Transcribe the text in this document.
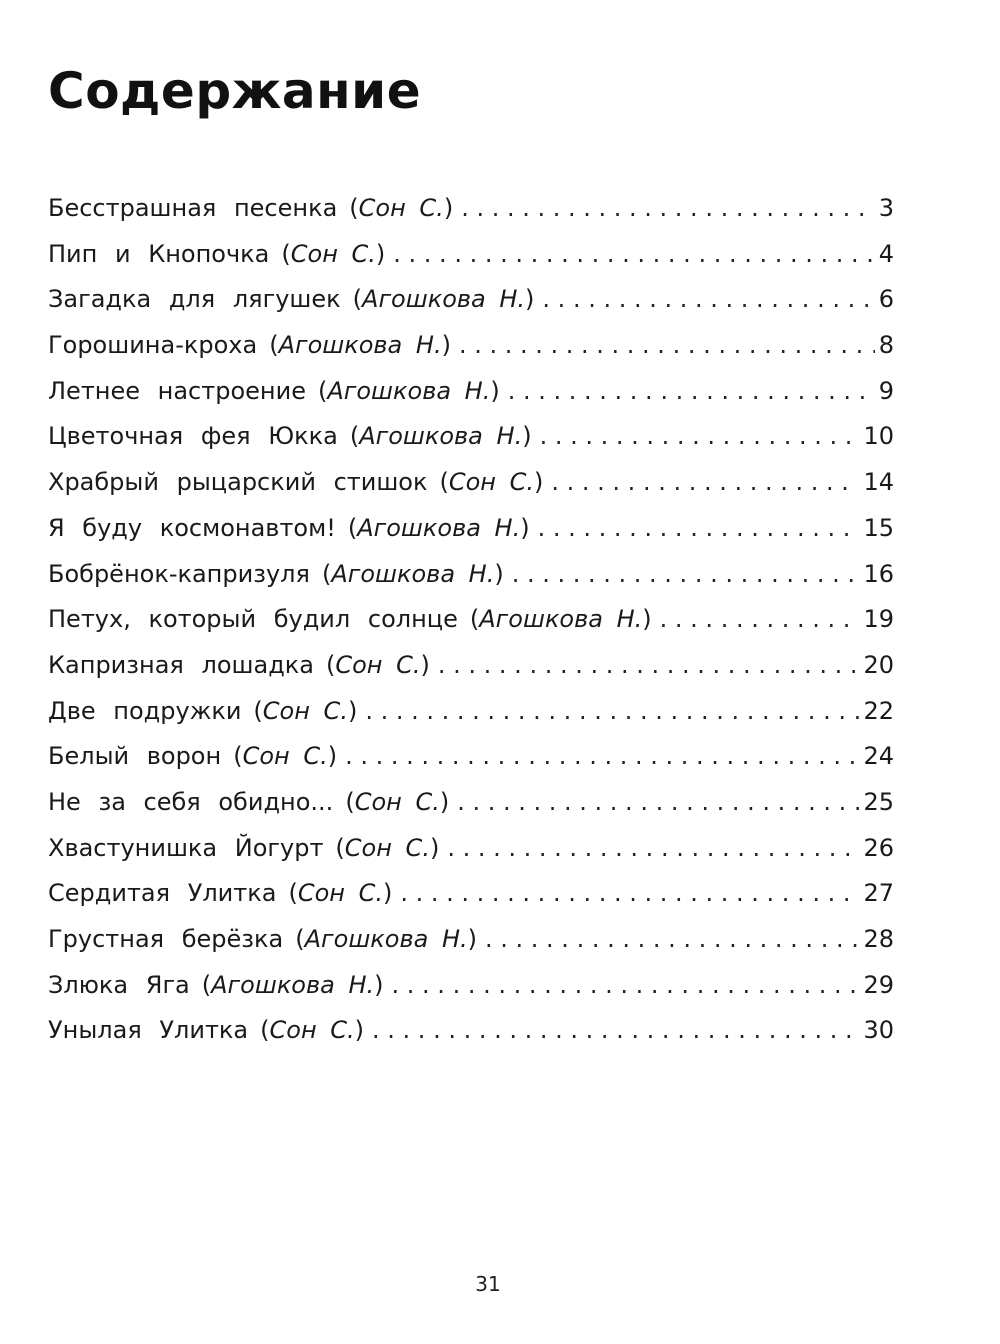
Содержание
Бесстрашная песенка (Сон С.) . . .	3
Пип и Кнопочка (Сон С.) . . .	4
Загадка для лягушек (Агошкова Н.) . . .	6
Горошина-кроха (Агошкова Н.) . . .	8
Летнее настроение (Агошкова Н.) . . .	9
Цветочная фея Юкка (Агошкова Н.) . . .	10
Храбрый рыцарский стишок (Сон С.) . . .	14
Я буду космонавтом! (Агошкова Н.) . . .	15
Бобрёнок-капризуля (Агошкова Н.) . . .	16
Петух, который будил солнце (Агошкова Н.) . . .	19
Капризная лошадка (Сон С.) . . .	20
Две подружки (Сон С.) . . .	22
Белый ворон (Сон С.) . . .	24
Не за себя обидно... (Сон С.) . . .	25
Хвастунишка Йогурт (Сон С.) . . .	26
Сердитая Улитка (Сон С.) . . .	27
Грустная берёзка (Агошкова Н.) . . .	28
Злюка Яга (Агошкова Н.) . . .	29
Унылая Улитка (Сон С.) . . .	30
31
